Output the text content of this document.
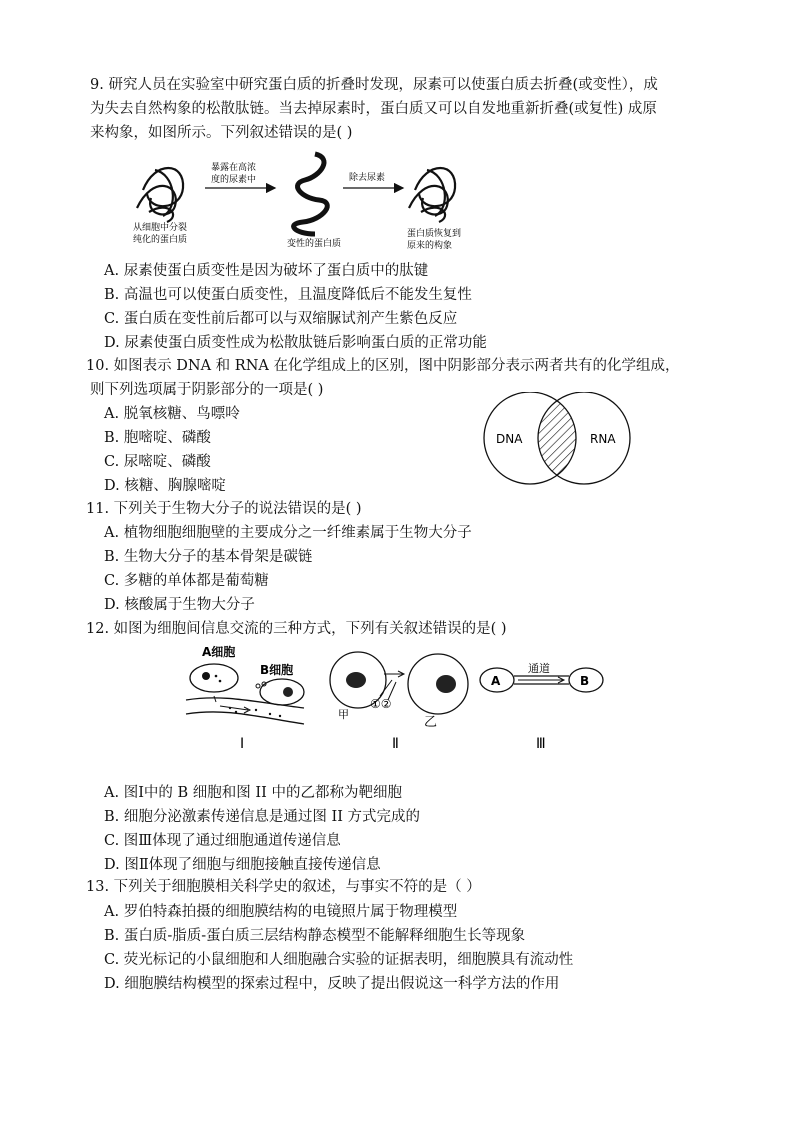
9. 研究人员在实验室中研究蛋白质的折叠时发现，尿素可以使蛋白质去折叠(或变性），成
为失去自然构象的松散肽链。当去掉尿素时，蛋白质又可以自发地重新折叠(或复性) 成原
来构象，如图所示。下列叙述错误的是( )
从细胞中分裂
纯化的蛋白质
暴露在高浓
度的尿素中
变性的蛋白质
除去尿素
蛋白质恢复到
原来的构象
A. 尿素使蛋白质变性是因为破坏了蛋白质中的肽键
B. 高温也可以使蛋白质变性，且温度降低后不能发生复性
C. 蛋白质在变性前后都可以与双缩脲试剂产生紫色反应
D. 尿素使蛋白质变性成为松散肽链后影响蛋白质的正常功能
10. 如图表示 DNA 和 RNA 在化学组成上的区别，图中阴影部分表示两者共有的化学组成，
则下列选项属于阴影部分的一项是( )
DNA	RNA
A. 脱氧核糖、鸟嘌呤
B. 胞嘧啶、磷酸
C. 尿嘧啶、磷酸
D. 核糖、胸腺嘧啶
11. 下列关于生物大分子的说法错误的是( )
A. 植物细胞细胞壁的主要成分之一纤维素属于生物大分子
B. 生物大分子的基本骨架是碳链
C. 多糖的单体都是葡萄糖
D. 核酸属于生物大分子
12. 如图为细胞间信息交流的三种方式，下列有关叙述错误的是( )
A细胞
B细胞
Ⅰ
甲
①②
乙
Ⅱ
A	B
通道
Ⅲ
A. 图Ⅰ中的 B 细胞和图 II 中的乙都称为靶细胞
B. 细胞分泌激素传递信息是通过图 II 方式完成的
C. 图Ⅲ体现了通过细胞通道传递信息
D. 图Ⅱ体现了细胞与细胞接触直接传递信息
13. 下列关于细胞膜相关科学史的叙述，与事实不符的是（ ）
A. 罗伯特森拍摄的细胞膜结构的电镜照片属于物理模型
B. 蛋白质-脂质-蛋白质三层结构静态模型不能解释细胞生长等现象
C. 荧光标记的小鼠细胞和人细胞融合实验的证据表明，细胞膜具有流动性
D. 细胞膜结构模型的探索过程中，反映了提出假说这一科学方法的作用
